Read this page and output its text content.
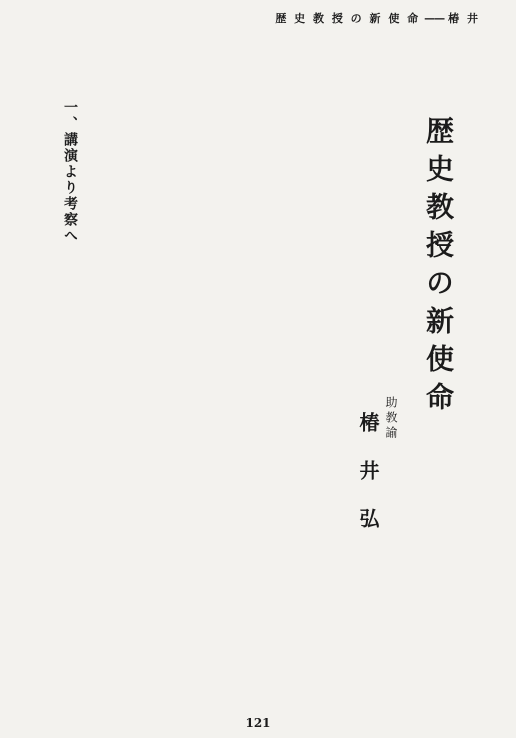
歴 史 教 授 の 新 使 命 —— 椿 井
歴史教授の新使命
助教諭
椿井弘
一、講演より考察へ
121
